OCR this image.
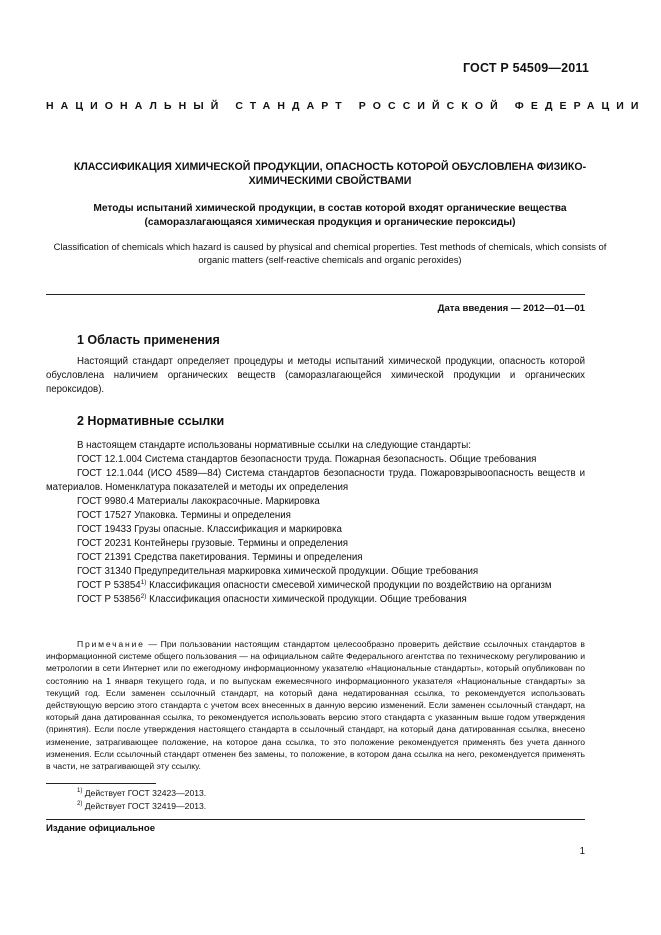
ГОСТ Р 54509—2011
НАЦИОНАЛЬНЫЙ СТАНДАРТ РОССИЙСКОЙ ФЕДЕРАЦИИ
КЛАССИФИКАЦИЯ ХИМИЧЕСКОЙ ПРОДУКЦИИ, ОПАСНОСТЬ КОТОРОЙ ОБУСЛОВЛЕНА ФИЗИКО-ХИМИЧЕСКИМИ СВОЙСТВАМИ
Методы испытаний химической продукции, в состав которой входят органические вещества (саморазлагающаяся химическая продукция и органические пероксиды)
Classification of chemicals which hazard is caused by physical and chemical properties. Test methods of chemicals, which consists of organic matters (self-reactive chemicals and organic peroxides)
Дата введения — 2012—01—01
1 Область применения
Настоящий стандарт определяет процедуры и методы испытаний химической продукции, опасность которой обусловлена наличием органических веществ (саморазлагающейся химической продукции и органических пероксидов).
2 Нормативные ссылки
В настоящем стандарте использованы нормативные ссылки на следующие стандарты:
ГОСТ 12.1.004 Система стандартов безопасности труда. Пожарная безопасность. Общие требования
ГОСТ 12.1.044 (ИСО 4589—84) Система стандартов безопасности труда. Пожаровзрывоопасность веществ и материалов. Номенклатура показателей и методы их определения
ГОСТ 9980.4 Материалы лакокрасочные. Маркировка
ГОСТ 17527 Упаковка. Термины и определения
ГОСТ 19433 Грузы опасные. Классификация и маркировка
ГОСТ 20231 Контейнеры грузовые. Термины и определения
ГОСТ 21391 Средства пакетирования. Термины и определения
ГОСТ 31340 Предупредительная маркировка химической продукции. Общие требования
ГОСТ Р 53854$^{1)}$ Классификация опасности смесевой химической продукции по воздействию на организм
ГОСТ Р 53856$^{2)}$ Классификация опасности химической продукции. Общие требования
Примечание — При пользовании настоящим стандартом целесообразно проверить действие ссылочных стандартов в информационной системе общего пользования — на официальном сайте Федерального агентства по техническому регулированию и метрологии в сети Интернет или по ежегодному информационному указателю «Национальные стандарты», который опубликован по состоянию на 1 января текущего года, и по выпускам ежемесячного информационного указателя «Национальные стандарты» за текущий год. Если заменен ссылочный стандарт, на который дана недатированная ссылка, то рекомендуется использовать действующую версию этого стандарта с учетом всех внесенных в данную версию изменений. Если заменен ссылочный стандарт, на который дана датированная ссылка, то рекомендуется использовать версию этого стандарта с указанным выше годом утверждения (принятия). Если после утверждения настоящего стандарта в ссылочный стандарт, на который дана датированная ссылка, внесено изменение, затрагивающее положение, на которое дана ссылка, то это положение рекомендуется применять без учета данного изменения. Если ссылочный стандарт отменен без замены, то положение, в котором дана ссылка на него, рекомендуется применять в части, не затрагивающей эту ссылку.
$^{1)}$ Действует ГОСТ 32423—2013.
$^{2)}$ Действует ГОСТ 32419—2013.
Издание официальное
1
